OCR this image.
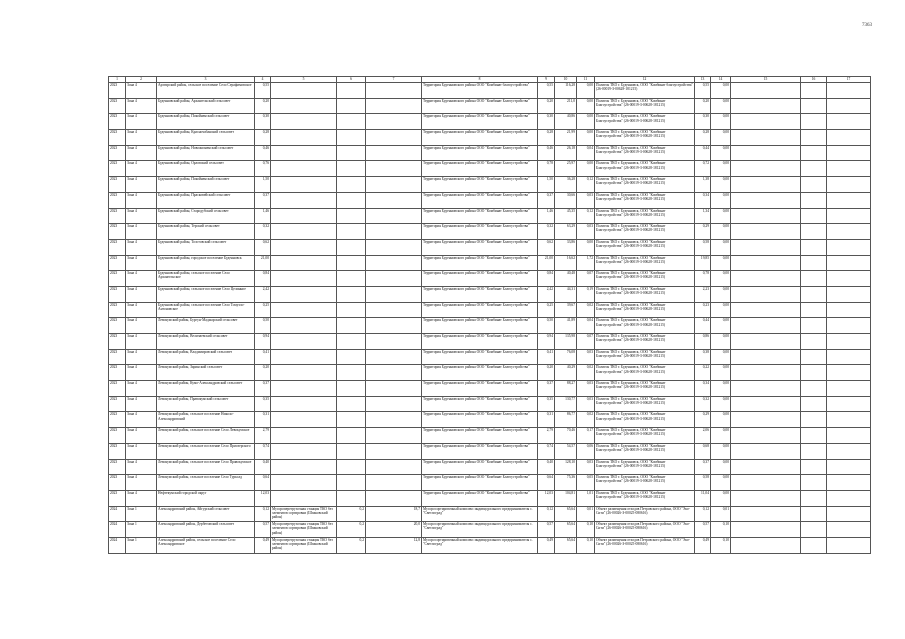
7363
1	2	3	4	5	6	7	8	9	10	11	12	13	14	15	16	17
2023	Зона 4	Арзгирский район, сельское поселение Село Серафимовское	0,55				Территория Буденновского района ООО "Комбинат благоустройства"	0,55	116,28	0,00	Полигон ТКО г. Буденновск, ООО "Комбинат благоустройства" (26-00019-З-00628-181215)	0,55	0,00			
2023	Зона 4	Буденновский район, Архангельский сельсовет	0,20				Территория Буденновского района ООО "Комбинат Благоустройства"	0,20	211,0	0,00	Полигон ТКО г. Буденновск, ООО "Комбинат Благоустройства" (26-00019-З-00628-181215)	0,20	0,00			
2023	Зона 4	Буденновский район, Покойненский сельсовет	0,30				Территория Буденновского района ООО "Комбинат Благоустройства"	0,30	40,86	0,00	Полигон ТКО г. Буденновск, ООО "Комбинат Благоустройства" (26-00019-З-00628-181215)	0,30	0,00			
2023	Зона 4	Буденновский район, Красночабанский сельсовет	0,28				Территория Буденновского района ООО "Комбинат Благоустройства"	0,28	21,99	0,00	Полигон ТКО г. Буденновск, ООО "Комбинат Благоустройства" (26-00019-З-00628-181215)	0,28	0,00			
2023	Зона 4	Буденновский район, Новожизненский сельсовет	0,46				Территория Буденновского района ООО "Комбинат Благоустройства"	0,46	26,18	0,04	Полигон ТКО г. Буденновск, ООО "Комбинат Благоустройства" (26-00019-З-00628-181215)	0,44	0,00			
2023	Зона 4	Буденновский район, Орловский сельсовет	0,76				Территория Буденновского района ООО "Комбинат Благоустройства"	0,78	25,97	0,00	Полигон ТКО г. Буденновск, ООО "Комбинат Благоустройства" (26-00019-З-00628-181215)	0,72	0,00			
2023	Зона 4	Буденновский район, Покойненский сельсовет	1,50				Территория Буденновского района ООО "Комбинат Благоустройства"	1,50	36,28	0,12	Полигон ТКО г. Буденновск, ООО "Комбинат Благоустройства" (26-00019-З-00628-181215)	1,38	0,00			
2023	Зона 4	Буденновский район, Прасковейский сельсовет	0,37				Территория Буденновского района ООО "Комбинат Благоустройства"	0,37	30,66	0,03	Полигон ТКО г. Буденновск, ООО "Комбинат Благоустройства" (26-00019-З-00628-181215)	0,34	0,00			
2023	Зона 4	Буденновский район, Стародубский сельсовет	1,46				Территория Буденновского района ООО "Комбинат Благоустройства"	1,46	45,35	0,12	Полигон ТКО г. Буденновск, ООО "Комбинат Благоустройства" (26-00019-З-00628-181215)	1,34	0,00			
2023	Зона 4	Буденновский район, Терский сельсовет	0,32				Территория Буденновского района ООО "Комбинат Благоустройства"	0,32	63,29	0,03	Полигон ТКО г. Буденновск, ООО "Комбинат Благоустройства" (26-00019-З-00628-181215)	0,29	0,00			
2023	Зона 4	Буденновский район, Толстовский сельсовет	0,62				Территория Буденновского района ООО "Комбинат Благоустройства"	0,62	33,86	0,00	Полигон ТКО г. Буденновск, ООО "Комбинат Благоустройства" (26-00019-З-00628-181215)	0,58	0,00			
2023	Зона 4	Буденновский район, городское поселение Буденновск	21,00				Территория Буденновского района ООО "Комбинат Благоустройства"	21,00	16,62	1,72	Полигон ТКО г. Буденновск, ООО "Комбинат Благоустройства" (26-00019-З-00628-181215)	19,85	0,00			
2023	Зона 4	Буденновский район, сельское поселение Село Архангельское	0,84				Территория Буденновского района ООО "Комбинат Благоустройства"	0,84	40,48	0,07	Полигон ТКО г. Буденновск, ООО "Комбинат Благоустройства" (26-00019-З-00628-181215)	0,78	0,00			
2023	Зона 4	Буденновский район, сельское поселение Село Целинное	2,42				Территория Буденновского района ООО "Комбинат Благоустройства"	2,42	44,31	0,19	Полигон ТКО г. Буденновск, ООО "Комбинат Благоустройства" (26-00019-З-00628-181215)	2,23	0,00			
2023	Зона 4	Буденновский район, сельское поселение Село Томузло-Антоновское	0,25				Территория Буденновского района ООО "Комбинат Благоустройства"	0,25	39,67	0,02	Полигон ТКО г. Буденновск, ООО "Комбинат Благоустройства" (26-00019-З-00628-181215)	0,23	0,00			
2023	Зона 4	Левокумский район, Бургун-Маджарский сельсовет	0,50				Территория Буденновского района ООО "Комбинат Благоустройства"	0,50	41,89	0,04	Полигон ТКО г. Буденновск, ООО "Комбинат Благоустройства" (26-00019-З-00628-181215)	0,44	0,00			
2023	Зона 4	Левокумский район, Величаевский сельсовет	0,94				Территория Буденновского района ООО "Комбинат Благоустройства"	0,94	135,98	0,07	Полигон ТКО г. Буденновск, ООО "Комбинат Благоустройства" (26-00019-З-00628-181215)	0,86	0,00			
2023	Зона 4	Левокумский район, Владимировский сельсовет	0,41				Территория Буденновского района ООО "Комбинат Благоустройства"	0,41	76,08	0,03	Полигон ТКО г. Буденновск, ООО "Комбинат Благоустройства" (26-00019-З-00628-181215)	0,38	0,00			
2023	Зона 4	Левокумский район, Заринский сельсовет	0,20				Территория Буденновского района ООО "Комбинат Благоустройства"	0,20	40,29	0,02	Полигон ТКО г. Буденновск, ООО "Комбинат Благоустройства" (26-00019-З-00628-181215)	0,22	0,00			
2023	Зона 4	Левокумский район, Кумо-Александровский сельсовет	0,37				Территория Буденновского района ООО "Комбинат Благоустройства"	0,37	88,27	0,03	Полигон ТКО г. Буденновск, ООО "Комбинат Благоустройства" (26-00019-З-00628-181215)	0,34	0,00			
2023	Зона 4	Левокумский район, Правокумский сельсовет	0,35				Территория Буденновского района ООО "Комбинат Благоустройства"	0,35	130,77	0,03	Полигон ТКО г. Буденновск, ООО "Комбинат Благоустройства" (26-00019-З-00628-181215)	0,32	0,00			
2023	Зона 4	Левокумский район, сельское поселение Николо-Александровский	0,31				Территория Буденновского района ООО "Комбинат Благоустройства"	0,31	86,77	0,02	Полигон ТКО г. Буденновск, ООО "Комбинат Благоустройства" (26-00019-З-00628-181215)	0,29	0,00			
2023	Зона 4	Левокумский район, сельское поселение Село Левокумское	2,79				Территория Буденновского района ООО "Комбинат Благоустройства"	2,79	70,46	0,17	Полигон ТКО г. Буденновск, ООО "Комбинат Благоустройства" (26-00019-З-00628-181215)	2,06	0,00			
2023	Зона 4	Левокумский район, сельское поселение Село Приозерского	0,74				Территория Буденновского района ООО "Комбинат Благоустройства"	0,74	54,57	0,06	Полигон ТКО г. Буденновск, ООО "Комбинат Благоустройства" (26-00019-З-00628-181215)	0,68	0,00			
2023	Зона 4	Левокумский район, сельское поселение Село Правокумское	0,40				Территория Буденновского района ООО "Комбинат Благоустройства"	0,40	128,10	0,03	Полигон ТКО г. Буденновск, ООО "Комбинат Благоустройства" (26-00019-З-00628-181215)	0,37	0,00			
2023	Зона 4	Левокумский район, сельское поселение Село Турксад	0,64				Территория Буденновского района ООО "Комбинат Благоустройства"	0,64	75,36	0,05	Полигон ТКО г. Буденновск, ООО "Комбинат Благоустройства" (26-00019-З-00628-181215)	0,58	0,00			
2023	Зона 4	Нефтекумский городской округ	12,03				Территория Буденновского района ООО "Комбинат Благоустройства"	12,03	104,81	1,01	Полигон ТКО г. Буденновск, ООО "Комбинат Благоустройства" (26-00019-З-00628-181215)	11,04	0,00			
2024	Зона 1	Александровский район, Айгурский сельсовет	0,12	Мусороперегрузочная станция ТКО без элементов сортировки (Шпаковский район)	0,2	18,7	Мусоросортировочный комплекс индивидуального предпринимателя с. "Светлоград"	0,12	65,64	0,01	Объект размещения отходов Петровского района, ООО "Эко-Сити" (26-00026-З-00025-080616)	0,12	0,01			
2024	Зона 1	Александровский район, Дербетовский сельсовет	0,57	Мусороперегрузочная станция ТКО без элементов сортировки (Шпаковский район)	0,2	20,0	Мусоросортировочный комплекс индивидуального предпринимателя с. "Светлоград"	0,57	65,64	0,10	Объект размещения отходов Петровского района, ООО "Эко-Сити" (26-00026-З-00025-080616)	0,57	0,10			
2024	Зона 1	Александровский район, сельское поселение Село Александровское	0,49	Мусороперегрузочная станция ТКО без элементов сортировки (Шпаковский район)	0,2	12,8	Мусоросортировочный комплекс индивидуального предпринимателя с. "Светлоград"	0,49	65,64	0,10	Объект размещения отходов Петровского района, ООО "Эко-Сити" (26-00026-З-00025-080616)	0,49	0,10			
